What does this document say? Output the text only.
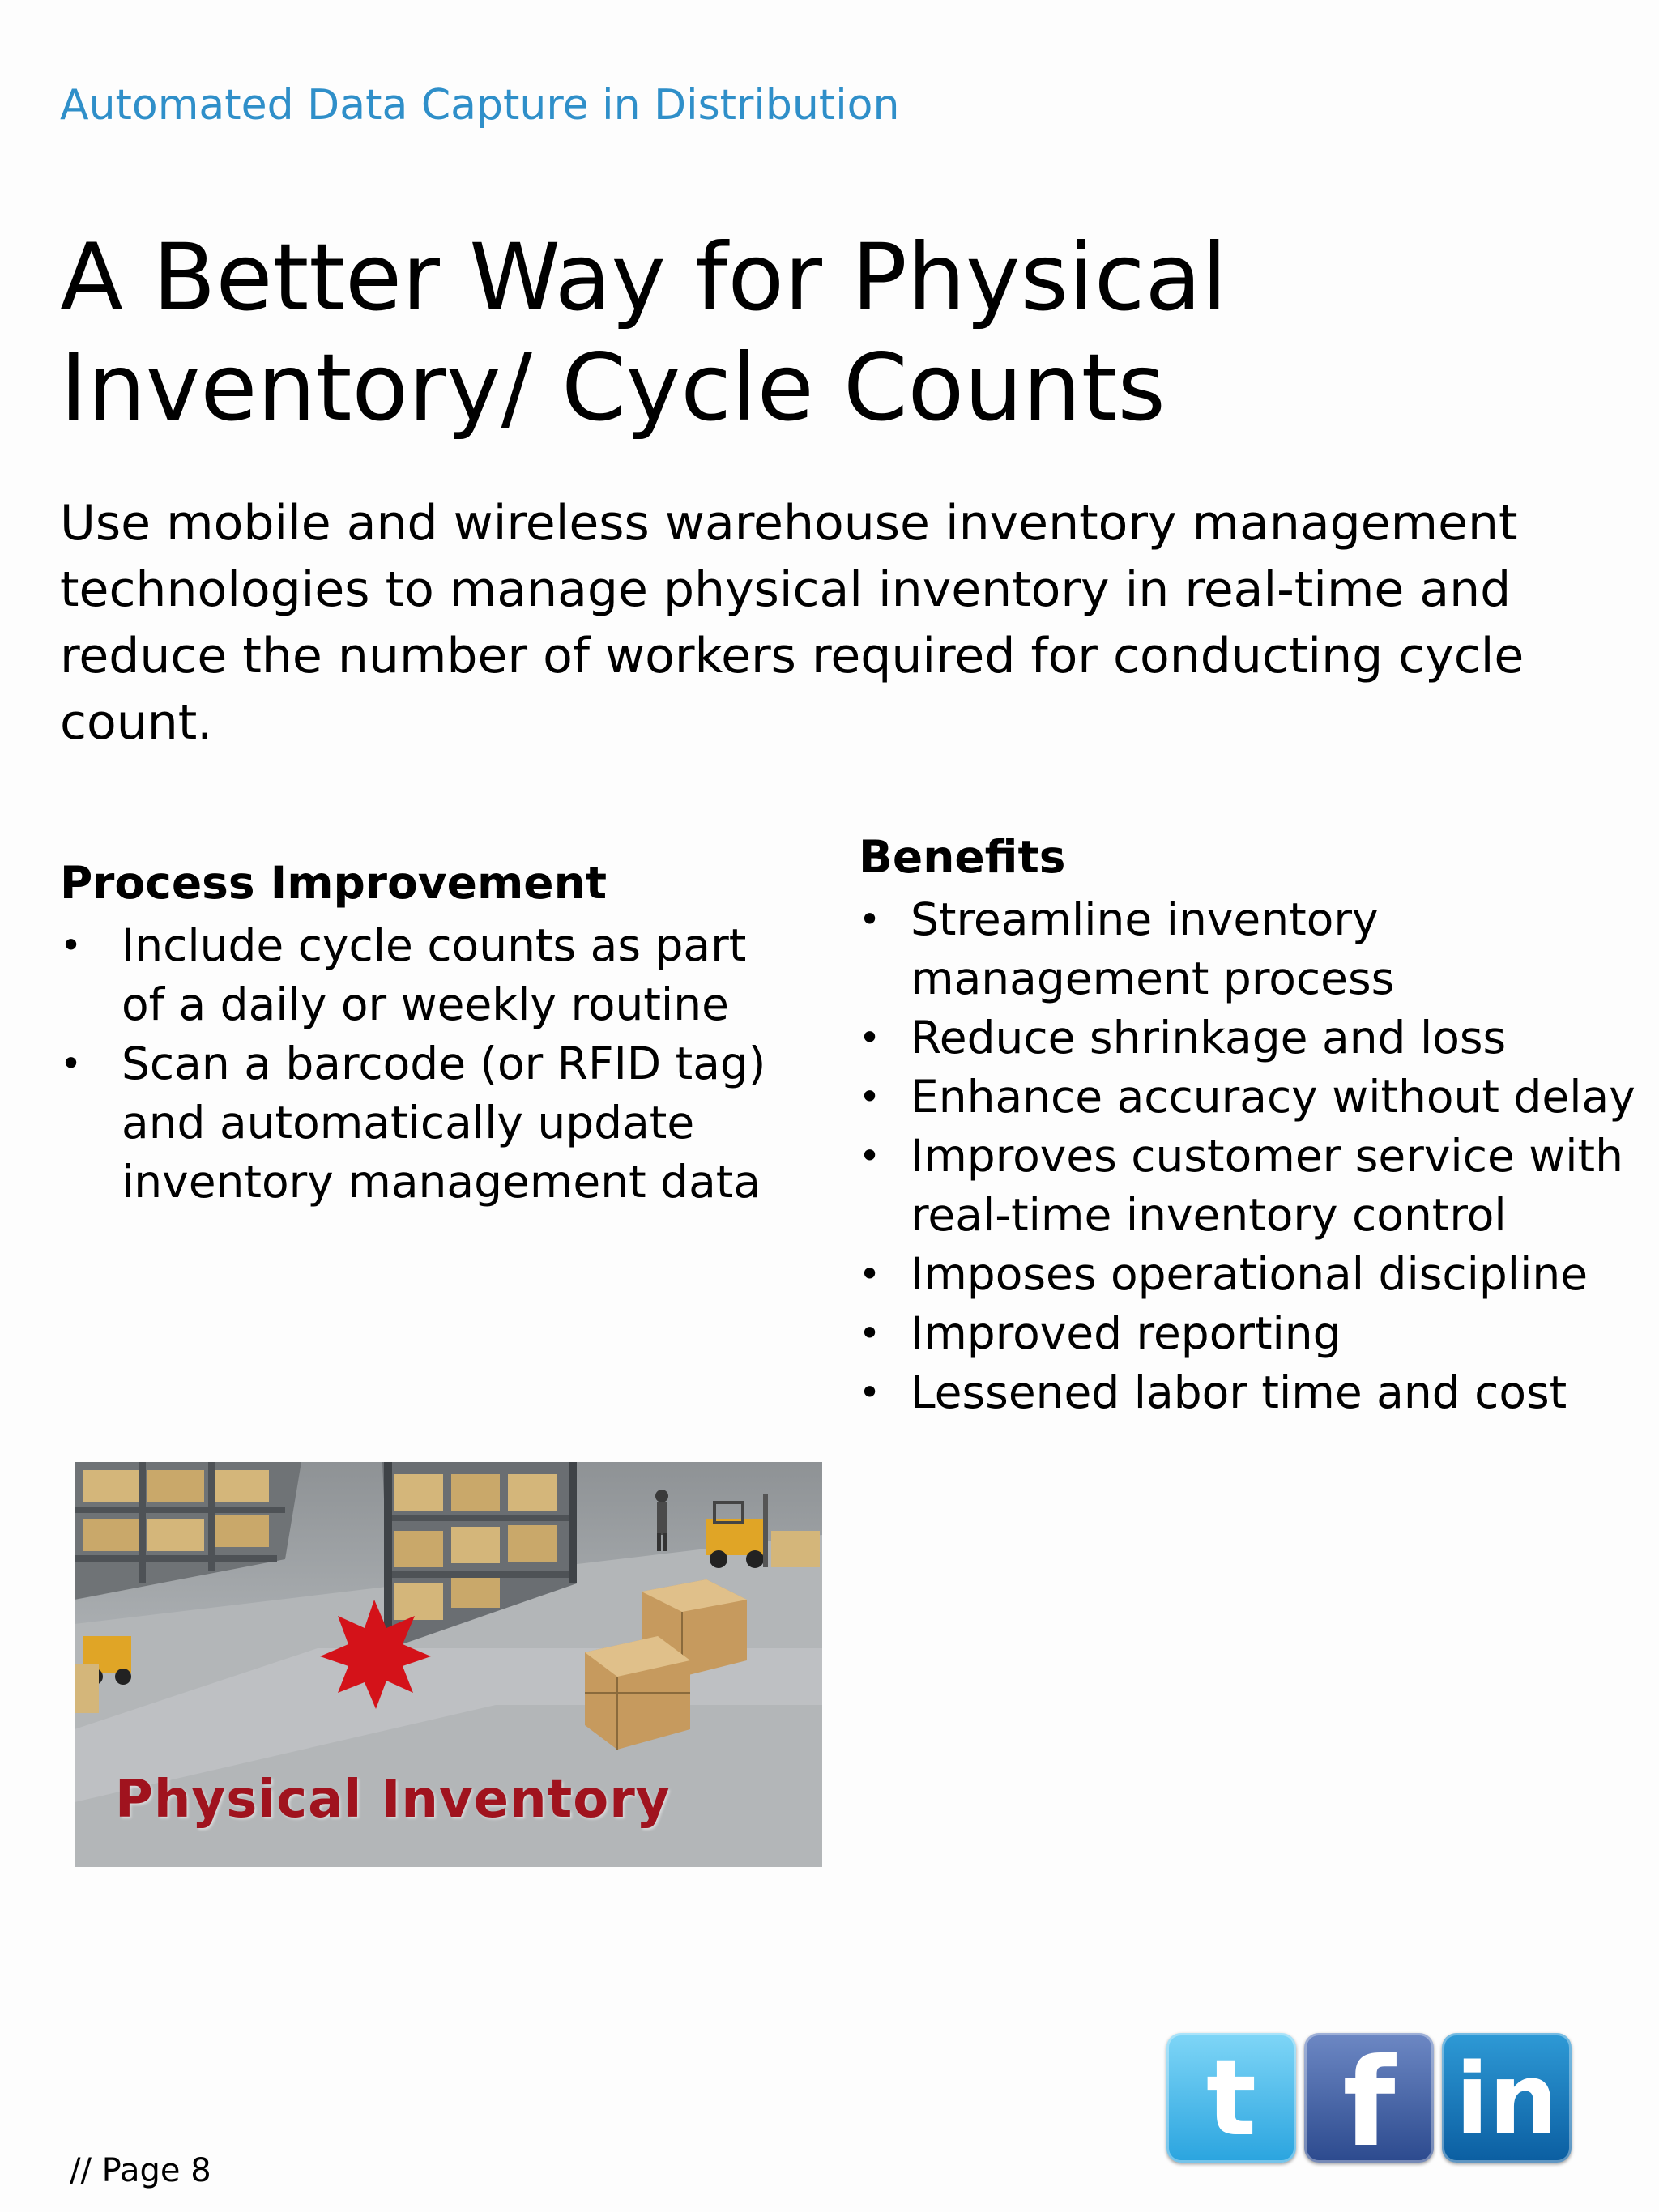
Automated Data Capture in Distribution
A Better Way for Physical
Inventory/ Cycle Counts
Use mobile and wireless warehouse inventory management technologies to manage physical inventory in real-time and reduce the number of workers required for conducting cycle count.
Process Improvement
• Include cycle counts as part of a daily or weekly routine
• Scan a barcode (or RFID tag) and automatically update inventory management data
Benefits
• Streamline inventory management process
• Reduce shrinkage and loss
• Enhance accuracy without delay
• Improves customer service with real-time inventory control
• Imposes operational discipline
• Improved reporting
• Lessened labor time and cost
Physical Inventory
t f in
// Page 8
